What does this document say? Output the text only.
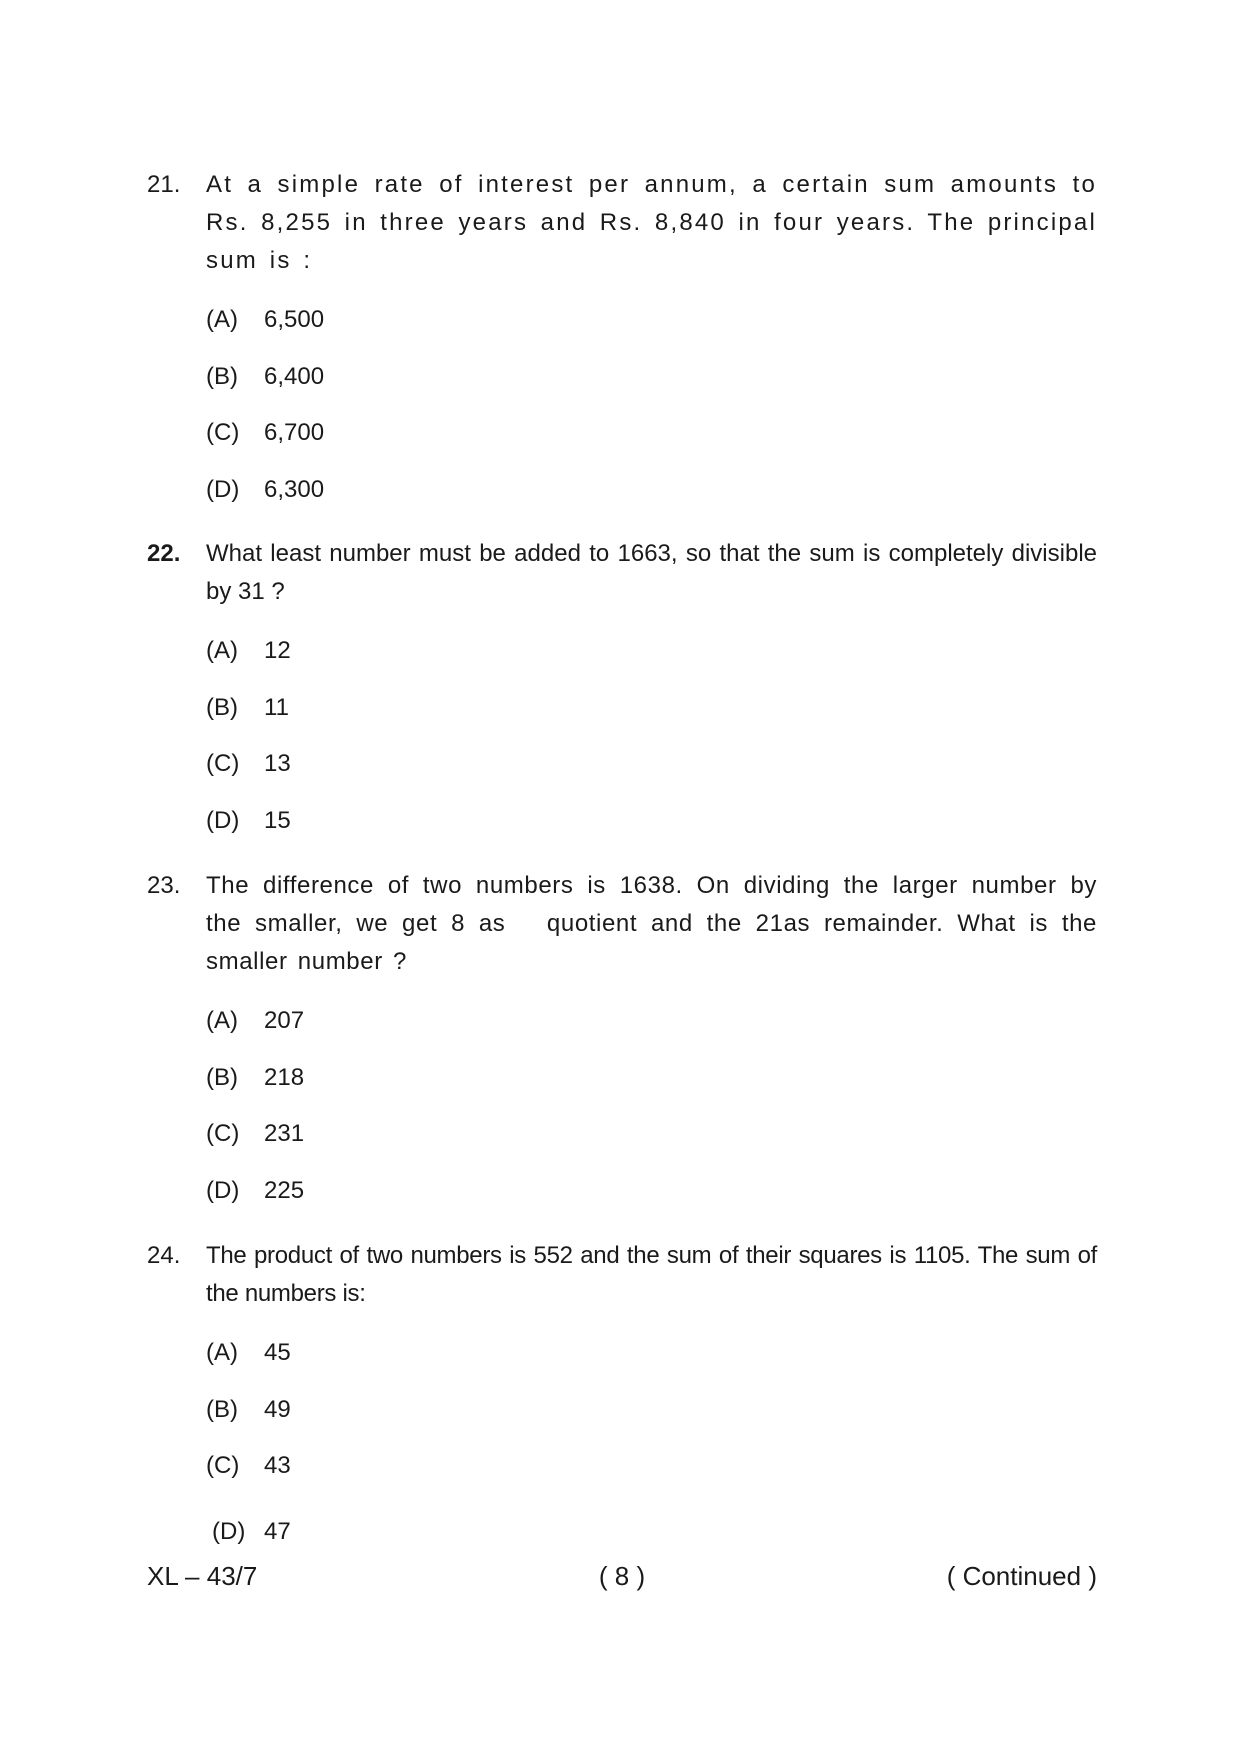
21. At a simple rate of interest per annum, a certain sum amounts to Rs. 8,255 in three years and Rs. 8,840 in four years. The principal sum is :
(A)	6,500
(B)	6,400
(C)	6,700
(D)	6,300
22. What least number must be added to 1663, so that the sum is completely divisible by 31 ?
(A)	12
(B)	11
(C)	13
(D)	15
23. The difference of two numbers is 1638. On dividing the larger number by the smaller, we get 8 as   quotient and the 21as remainder. What is the smaller number ?
(A)	207
(B)	218
(C)	231
(D)	225
24. The product of two numbers is 552 and the sum of their squares is 1105. The sum of the numbers is:
(A)	45
(B)	49
(C)	43
(D) 47
XL – 43/7	( 8 )	( Continued )
